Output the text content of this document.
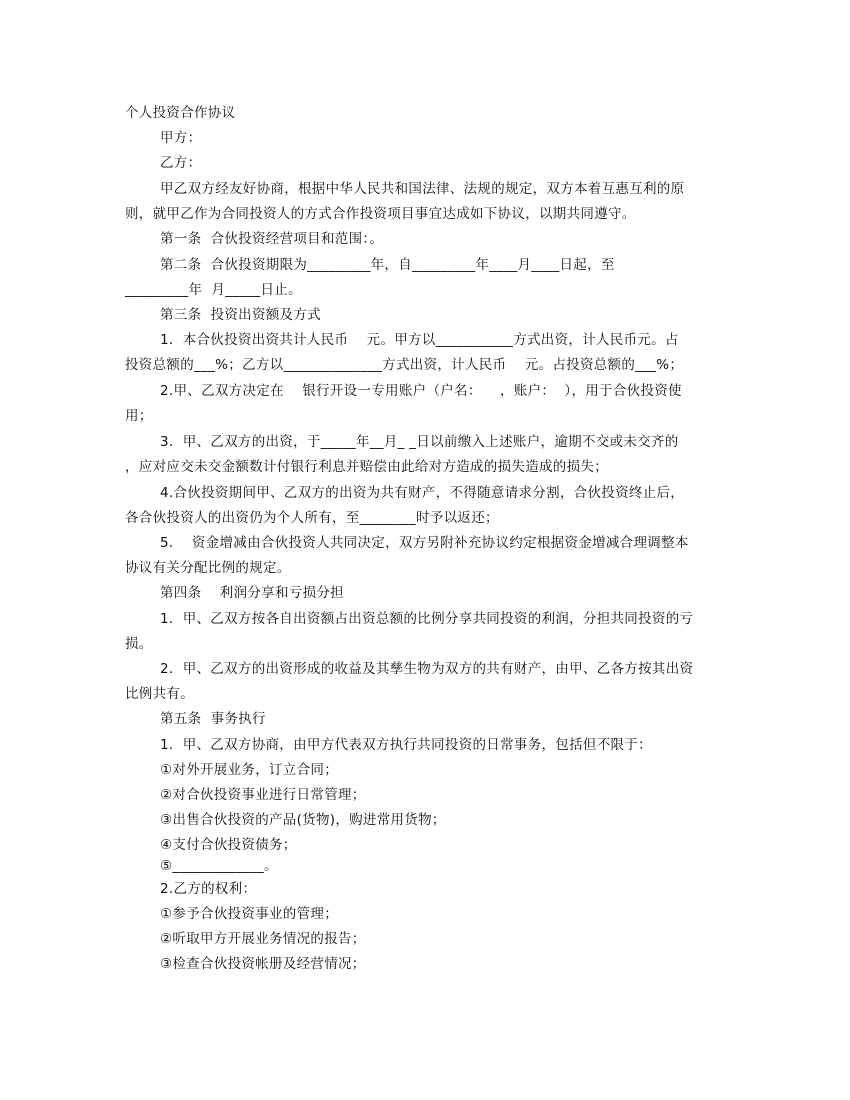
个人投资合作协议
甲方：
乙方：
甲乙双方经友好协商，根据中华人民共和国法律、法规的规定，双方本着互惠互利的原
则，就甲乙作为合同投资人的方式合作投资项目事宜达成如下协议，以期共同遵守。
第一条  合伙投资经营项目和范围：。
第二条  合伙投资期限为_________年，自_________年____月____日起，至
_________年  月_____日止。
第三条  投资出资额及方式
1．本合伙投资出资共计人民币    元。甲方以___________方式出资，计人民币元。占
投资总额的___%；乙方以______________方式出资，计人民币    元。占投资总额的___%；
2.甲、乙双方决定在    银行开设一专用账户（户名：    ，账户：  ），用于合伙投资使
用；
3．甲、乙双方的出资，于_____年__月_ _日以前缴入上述账户，逾期不交或未交齐的
，应对应交未交金额数计付银行利息并赔偿由此给对方造成的损失造成的损失；
4.合伙投资期间甲、乙双方的出资为共有财产，不得随意请求分割，合伙投资终止后，
各合伙投资人的出资仍为个人所有，至________时予以返还；
5．  资金增减由合伙投资人共同决定，双方另附补充协议约定根据资金增减合理调整本
协议有关分配比例的规定。
第四条    利润分享和亏损分担
1．甲、乙双方按各自出资额占出资总额的比例分享共同投资的利润，分担共同投资的亏
损。
2．甲、乙双方的出资形成的收益及其孳生物为双方的共有财产，由甲、乙各方按其出资
比例共有。
第五条  事务执行
1．甲、乙双方协商，由甲方代表双方执行共同投资的日常事务，包括但不限于：
①对外开展业务，订立合同；
②对合伙投资事业进行日常管理；
③出售合伙投资的产品(货物)，购进常用货物；
④支付合伙投资债务；
⑤_____________。
2.乙方的权利：
①参予合伙投资事业的管理；
②听取甲方开展业务情况的报告；
③检查合伙投资帐册及经营情况；
